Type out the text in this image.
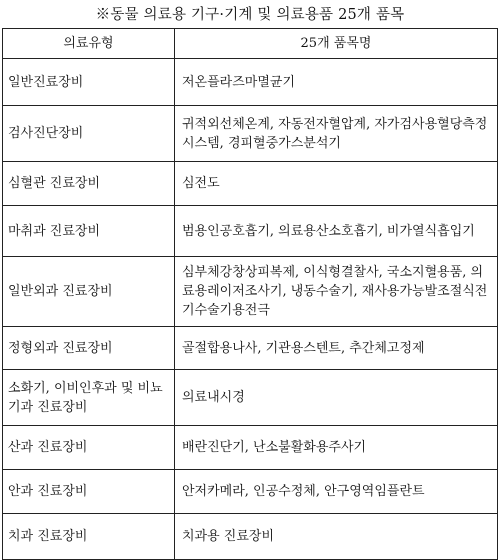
※동물 의료용 기구·기계 및 의료용품 25개 품목
의료유형	25개 품목명
일반진료장비	저온플라즈마멸균기
검사진단장비	귀적외선체온계, 자동전자혈압계, 자가검사용혈당측정시스템, 경피혈중가스분석기
심혈관 진료장비	심전도
마취과 진료장비	범용인공호흡기, 의료용산소호흡기, 비가열식흡입기
일반외과 진료장비	심부체강창상피복제, 이식형결찰사, 국소지혈용품, 의료용레이저조사기, 냉동수술기, 재사용가능발조절식전기수술기용전극
정형외과 진료장비	골절합용나사, 기관용스텐트, 추간체고정제
소화기, 이비인후과 및 비뇨기과 진료장비	의료내시경
산과 진료장비	배란진단기, 난소불활화용주사기
안과 진료장비	안저카메라, 인공수정체, 안구영역임플란트
치과 진료장비	치과용 진료장비
